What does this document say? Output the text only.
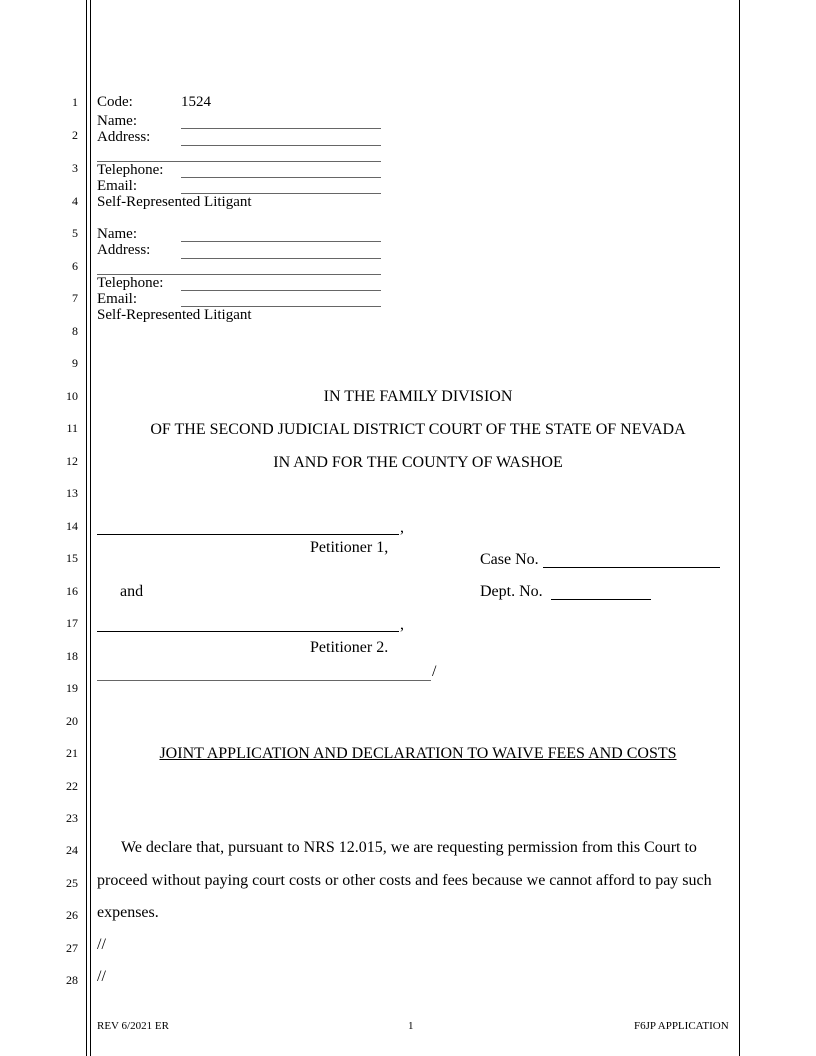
1
2
3
4
5
6
7
8
9
10
11
12
13
14
15
16
17
18
19
20
21
22
23
24
25
26
27
28
Code:	1524
Name:
Address:
Telephone:
Email:
Self-Represented Litigant
Name:
Address:
Telephone:
Email:
Self-Represented Litigant
IN THE FAMILY DIVISION
OF THE SECOND JUDICIAL DISTRICT COURT OF THE STATE OF NEVADA
IN AND FOR THE COUNTY OF WASHOE
,
Petitioner 1,
Case No.
and	Dept. No.
,
Petitioner 2.
/
JOINT APPLICATION AND DECLARATION TO WAIVE FEES AND COSTS
We declare that, pursuant to NRS 12.015, we are requesting permission from this Court to
proceed without paying court costs or other costs and fees because we cannot afford to pay such
expenses.
//
//
REV 6/2021 ER	1	F6JP APPLICATION
